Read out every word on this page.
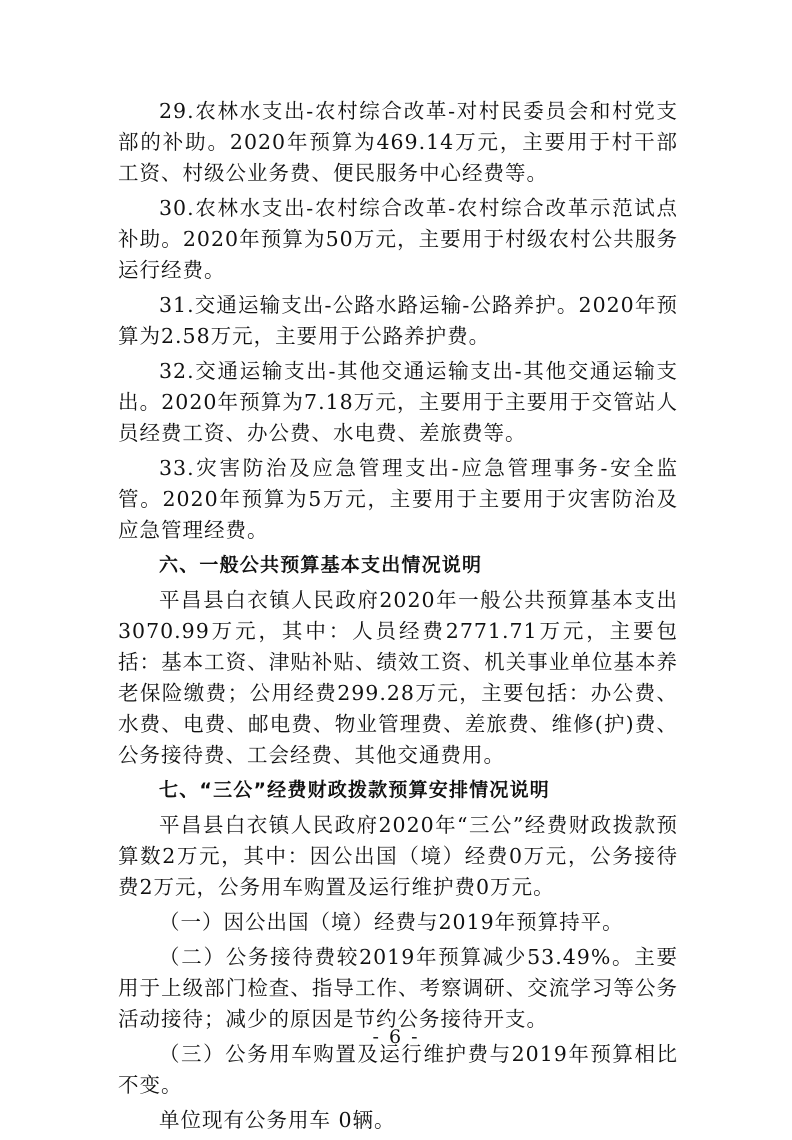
29.农林水支出-农村综合改革-对村民委员会和村党支部的补助。2020年预算为469.14万元，主要用于村干部工资、村级公业务费、便民服务中心经费等。

30.农林水支出-农村综合改革-农村综合改革示范试点补助。2020年预算为50万元，主要用于村级农村公共服务运行经费。

31.交通运输支出-公路水路运输-公路养护。2020年预算为2.58万元，主要用于公路养护费。

32.交通运输支出-其他交通运输支出-其他交通运输支出。2020年预算为7.18万元，主要用于主要用于交管站人员经费工资、办公费、水电费、差旅费等。

33.灾害防治及应急管理支出-应急管理事务-安全监管。2020年预算为5万元，主要用于主要用于灾害防治及应急管理经费。

六、一般公共预算基本支出情况说明

平昌县白衣镇人民政府2020年一般公共预算基本支出3070.99万元，其中：人员经费2771.71万元，主要包括：基本工资、津贴补贴、绩效工资、机关事业单位基本养老保险缴费；公用经费299.28万元，主要包括：办公费、水费、电费、邮电费、物业管理费、差旅费、维修(护)费、公务接待费、工会经费、其他交通费用。

七、“三公”经费财政拨款预算安排情况说明

平昌县白衣镇人民政府2020年“三公”经费财政拨款预算数2万元，其中：因公出国（境）经费0万元，公务接待费2万元，公务用车购置及运行维护费0万元。

（一）因公出国（境）经费与2019年预算持平。

（二）公务接待费较2019年预算减少53.49%。主要用于上级部门检查、指导工作、考察调研、交流学习等公务活动接待；减少的原因是节约公务接待开支。

（三）公务用车购置及运行维护费与2019年预算相比不变。

单位现有公务用车 0辆。

- 6 -
